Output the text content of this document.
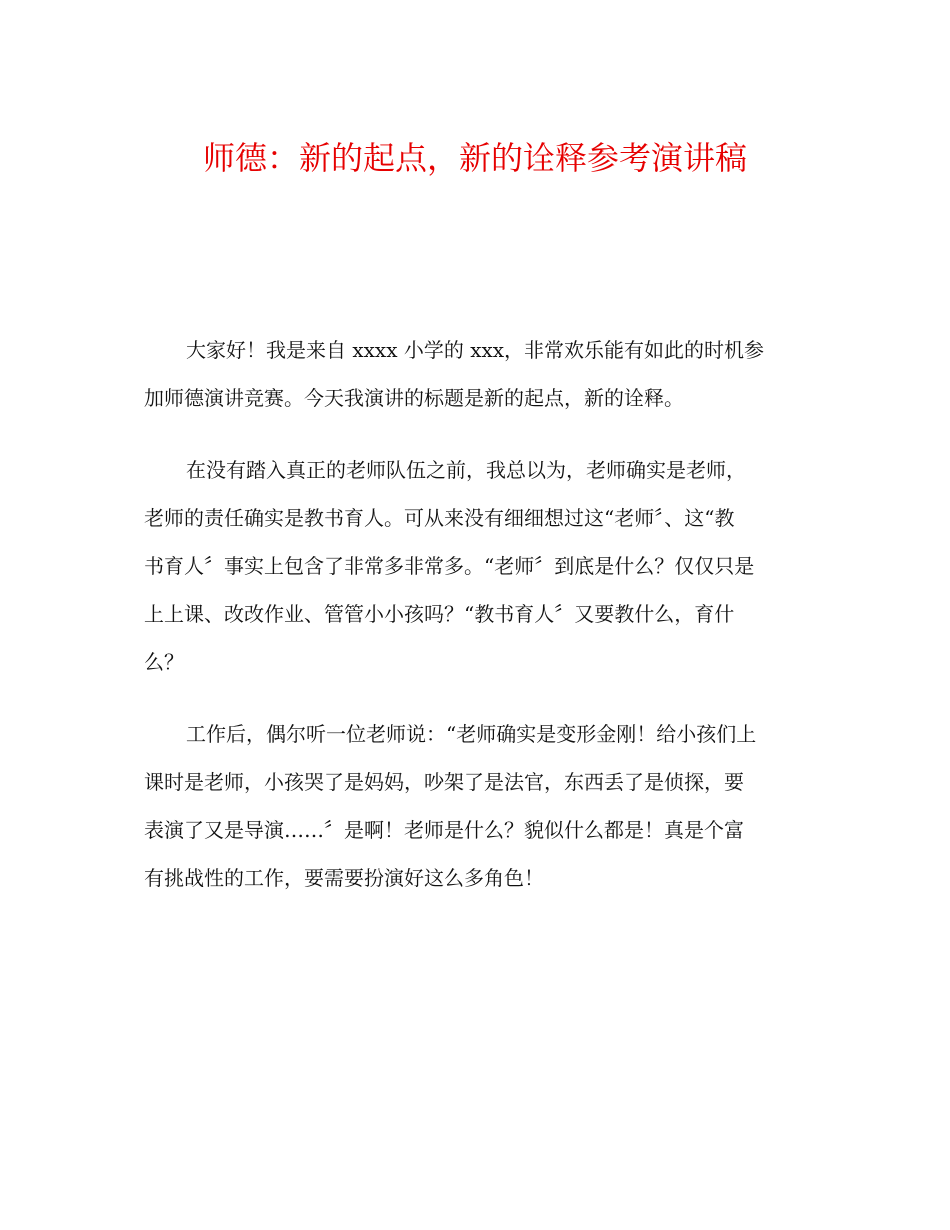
师德：新的起点，新的诠释参考演讲稿
大家好！我是来自 xxxx 小学的 xxx，非常欢乐能有如此的时机参
加师德演讲竞赛。今天我演讲的标题是新的起点，新的诠释。
在没有踏入真正的老师队伍之前，我总以为，老师确实是老师，
老师的责任确实是教书育人。可从来没有细细想过这“老师〞、这“教
书育人〞事实上包含了非常多非常多。“老师〞到底是什么？仅仅只是
上上课、改改作业、管管小小孩吗？“教书育人〞又要教什么，育什
么？
工作后，偶尔听一位老师说：“老师确实是变形金刚！给小孩们上
课时是老师，小孩哭了是妈妈，吵架了是法官，东西丢了是侦探，要
表演了又是导演……〞是啊！老师是什么？貌似什么都是！真是个富
有挑战性的工作，要需要扮演好这么多角色！
